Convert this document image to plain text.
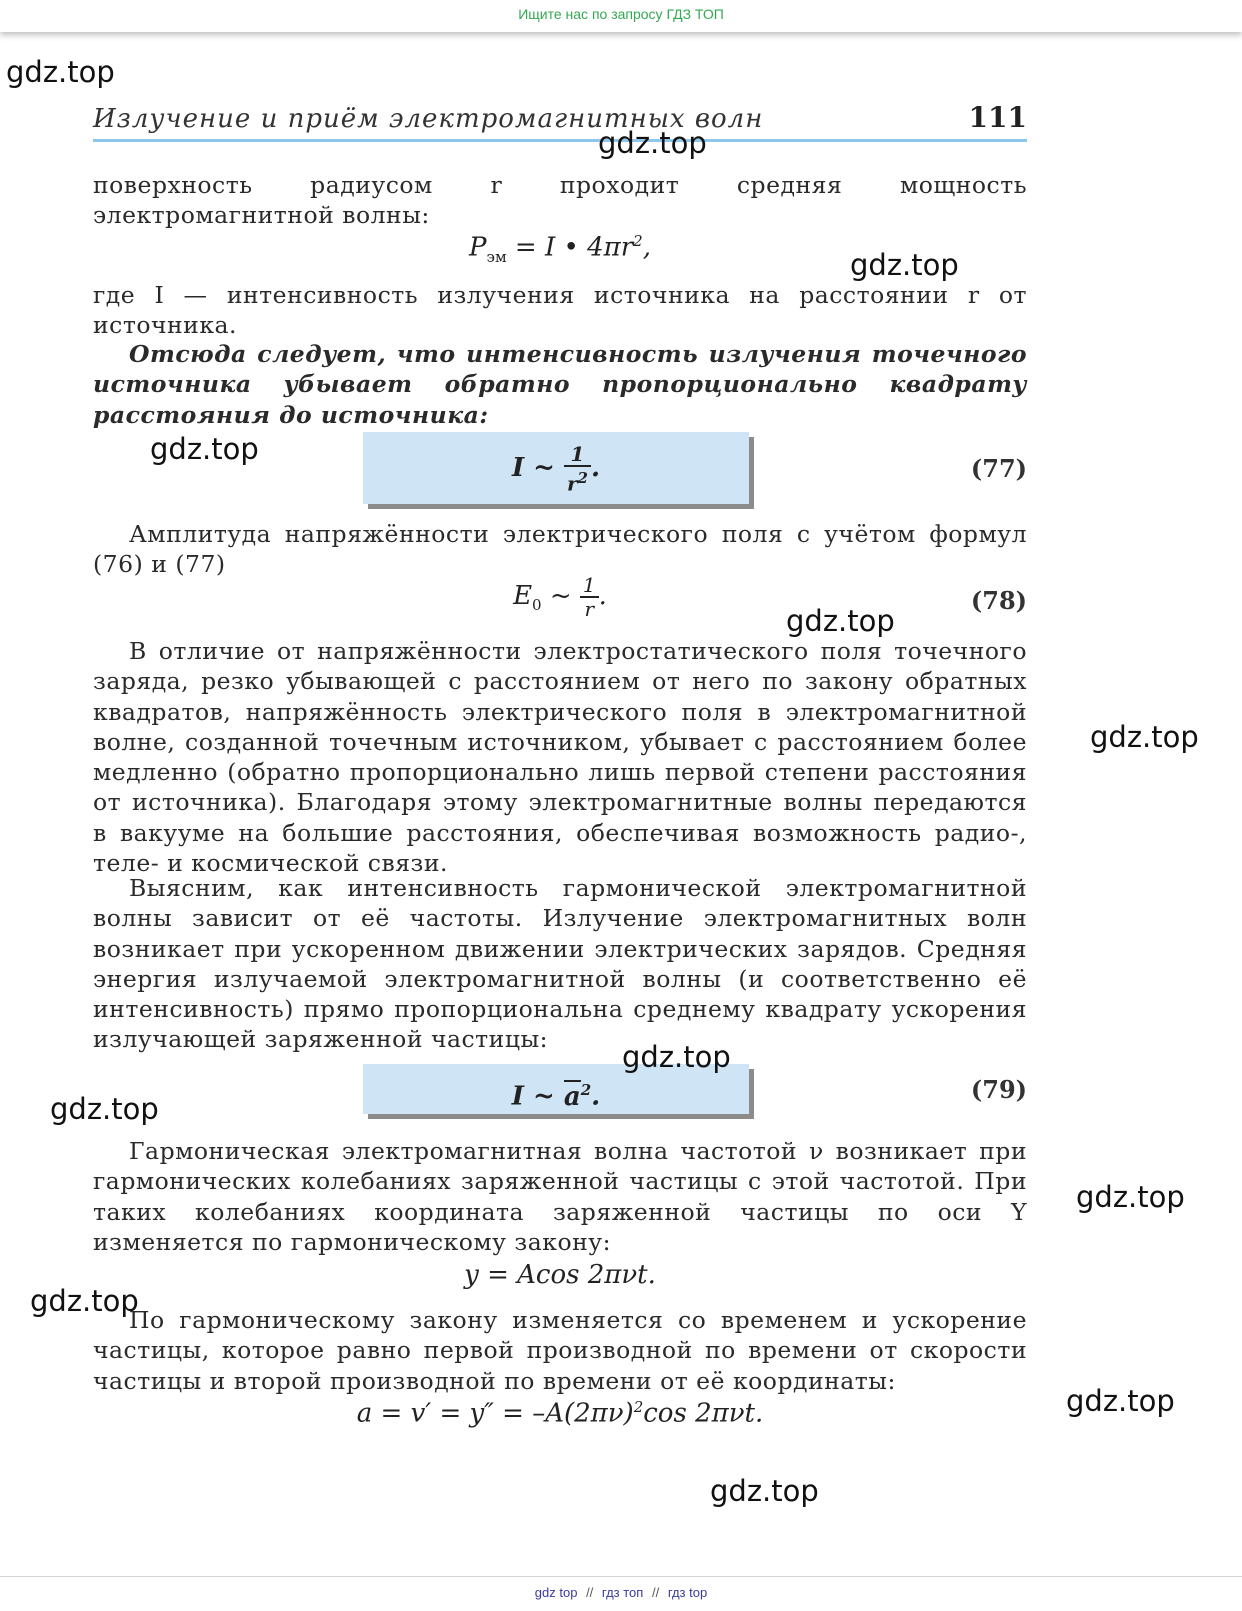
Ищите нас по запросу ГДЗ ТОП
Излучение и приём электромагнитных волн	111

поверхность радиусом r проходит средняя мощность электромагнитной волны:

$P_{эм} = I$ • $4\pi r^2$,

где I — интенсивность излучения источника на расстоянии r от источника.

Отсюда следует, что интенсивность излучения точечного источника убывает обратно пропорционально квадрату расстояния до источника:

I ~ $\frac{1}{r^2}$ .	(77)

Амплитуда напряжённости электрического поля с учётом формул (76) и (77)

$E_0$ ~ $\frac{1}{r}$ .	(78)

В отличие от напряжённости электростатического поля точечного заряда, резко убывающей с расстоянием от него по закону обратных квадратов, напряжённость электрического поля в электромагнитной волне, созданной точечным источником, убывает с расстоянием более медленно (обратно пропорционально лишь первой степени расстояния от источника). Благодаря этому электромагнитные волны передаются в вакууме на большие расстояния, обеспечивая возможность радио-, теле- и космической связи.

Выясним, как интенсивность гармонической электромагнитной волны зависит от её частоты. Излучение электромагнитных волн возникает при ускоренном движении электрических зарядов. Средняя энергия излучаемой электромагнитной волны (и соответственно её интенсивность) прямо пропорциональна среднему квадрату ускорения излучающей заряженной частицы:

I ~ $a^2$.	(79)

Гармоническая электромагнитная волна частотой ν возникает при гармонических колебаниях заряженной частицы с этой частотой. При таких колебаниях координата заряженной частицы по оси Y изменяется по гармоническому закону:

y = Acos 2πνt.

По гармоническому закону изменяется со временем и ускорение частицы, которое равно первой производной по времени от скорости частицы и второй производной по времени от её координаты:

$a = v' = y'' = -A(2\pi\nu)^2\cos$ 2πνt.
gdz.top
gdz.top
gdz.top
gdz.top
gdz.top
gdz.top
gdz.top
gdz.top
gdz.top
gdz.top
gdz.top
gdz.top
gdz top // гдз топ // гдз top
